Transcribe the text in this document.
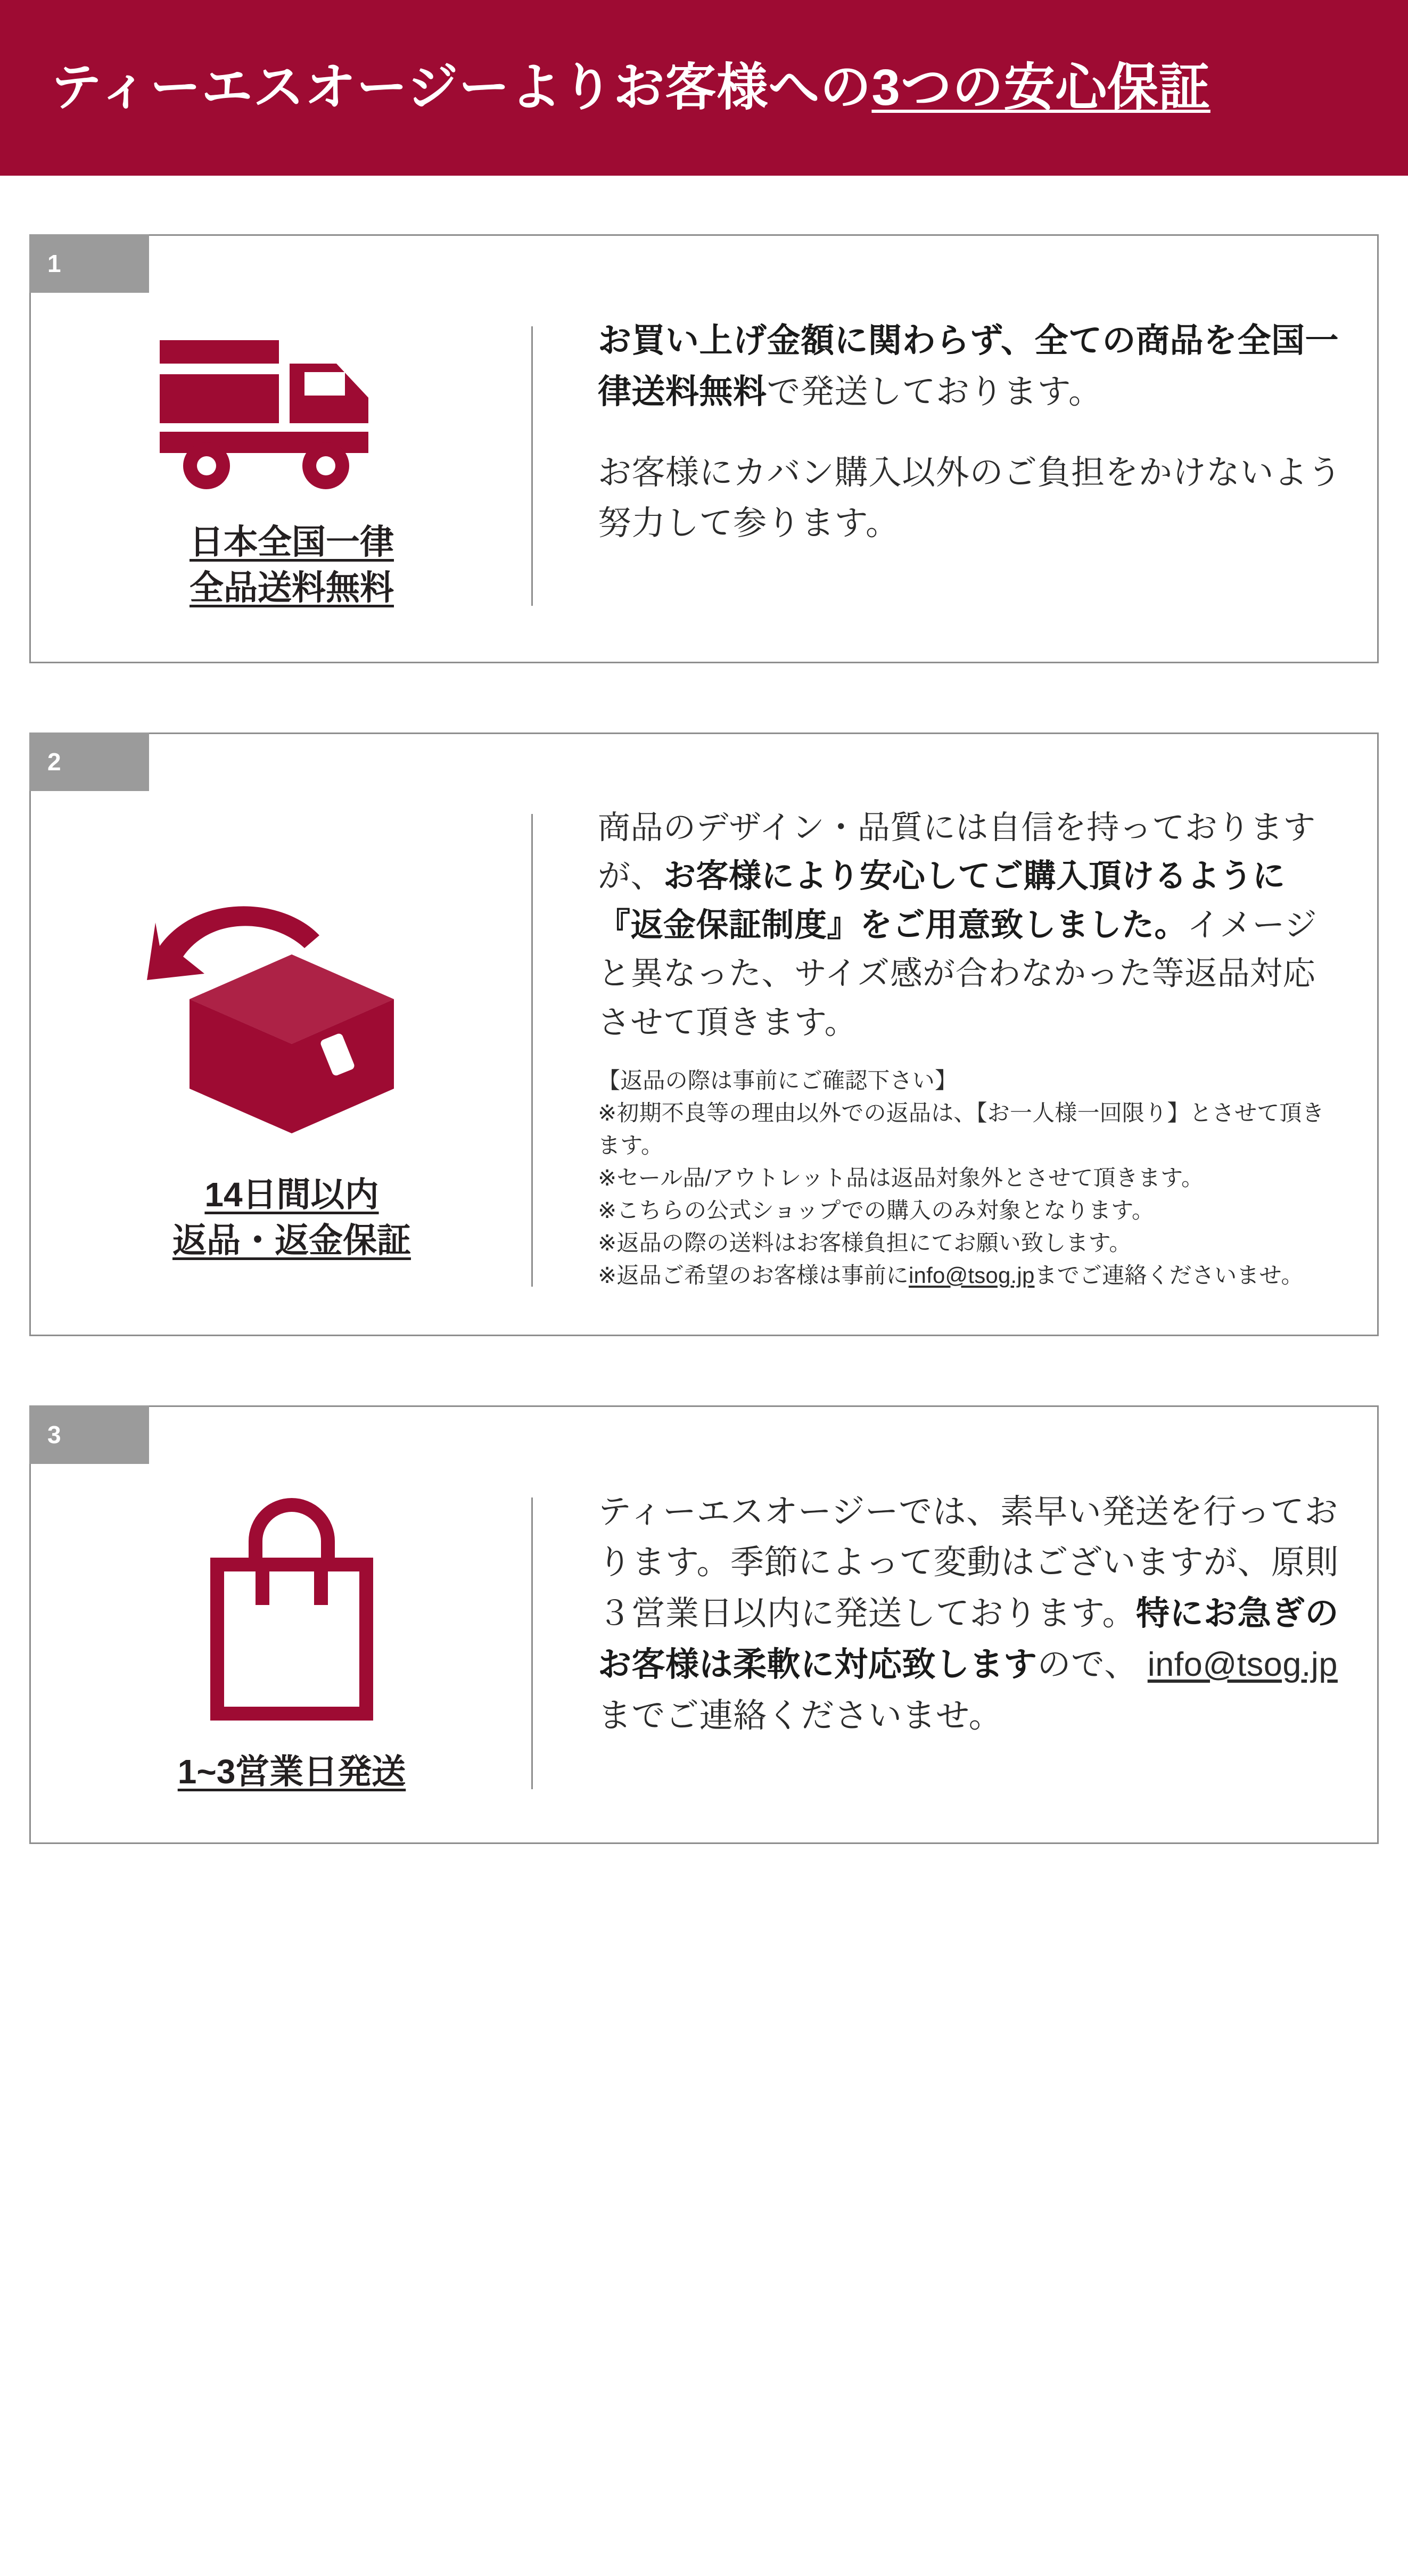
ティーエスオージーよりお客様への3つの安心保証
1
日本全国一律
全品送料無料

お買い上げ金額に関わらず、全ての商品を全国一律送料無料で発送しております。

お客様にカバン購入以外のご負担をかけないよう努力して参ります。

2
14日間以内
返品・返金保証

商品のデザイン・品質には自信を持っておりますが、お客様により安心してご購入頂けるように『返金保証制度』をご用意致しました。イメージと異なった、サイズ感が合わなかった等返品対応させて頂きます。

【返品の際は事前にご確認下さい】
※初期不良等の理由以外での返品は、【お一人様一回限り】とさせて頂きます。
※セール品/アウトレット品は返品対象外とさせて頂きます。
※こちらの公式ショップでの購入のみ対象となります。
※返品の際の送料はお客様負担にてお願い致します。
※返品ご希望のお客様は事前にinfo@tsog.jpまでご連絡くださいませ。

3
1~3営業日発送

ティーエスオージーでは、素早い発送を行っております。季節によって変動はございますが、原則３営業日以内に発送しております。特にお急ぎのお客様は柔軟に対応致しますので、 info@tsog.jpまでご連絡くださいませ。
